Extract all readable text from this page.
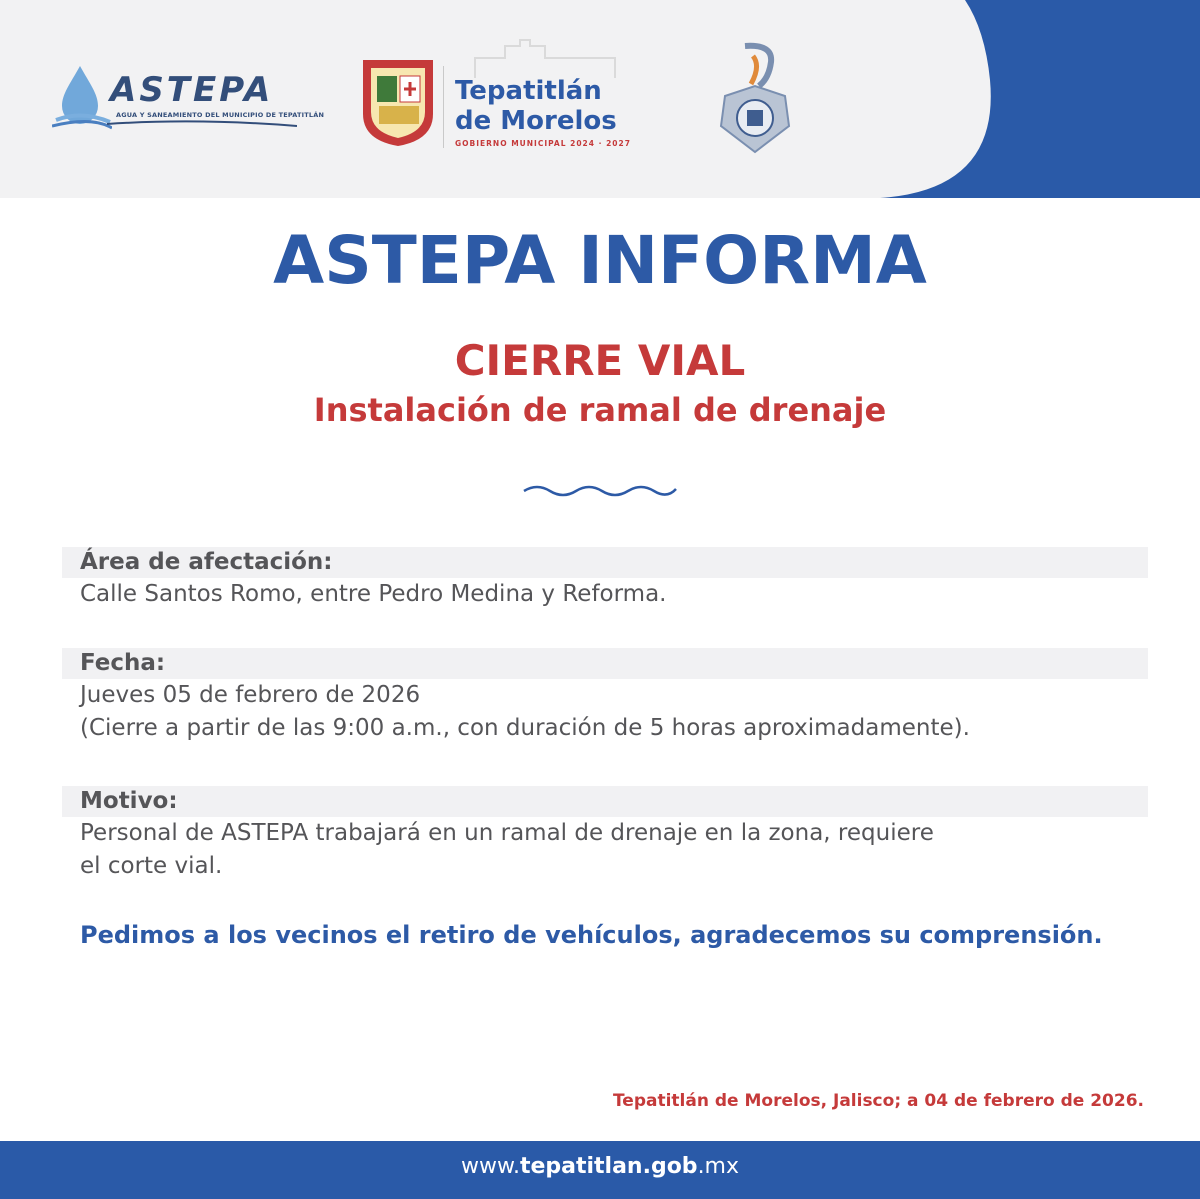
ASTEPA
AGUA Y SANEAMIENTO DEL MUNICIPIO DE TEPATITLÁN
Tepatitlán
de Morelos
GOBIERNO MUNICIPAL 2024 · 2027
ASTEPA INFORMA
CIERRE VIAL
Instalación de ramal de drenaje
Área de afectación:
Calle Santos Romo, entre Pedro Medina y Reforma.
Fecha:
Jueves 05 de febrero de 2026
(Cierre a partir de las 9:00 a.m., con duración de 5 horas aproximadamente).
Motivo:
Personal de ASTEPA trabajará en un ramal de drenaje en la zona, requiere
el corte vial.
Pedimos a los vecinos el retiro de vehículos, agradecemos su comprensión.
Tepatitlán de Morelos, Jalisco; a 04 de febrero de 2026.
www.tepatitlan.gob.mx
